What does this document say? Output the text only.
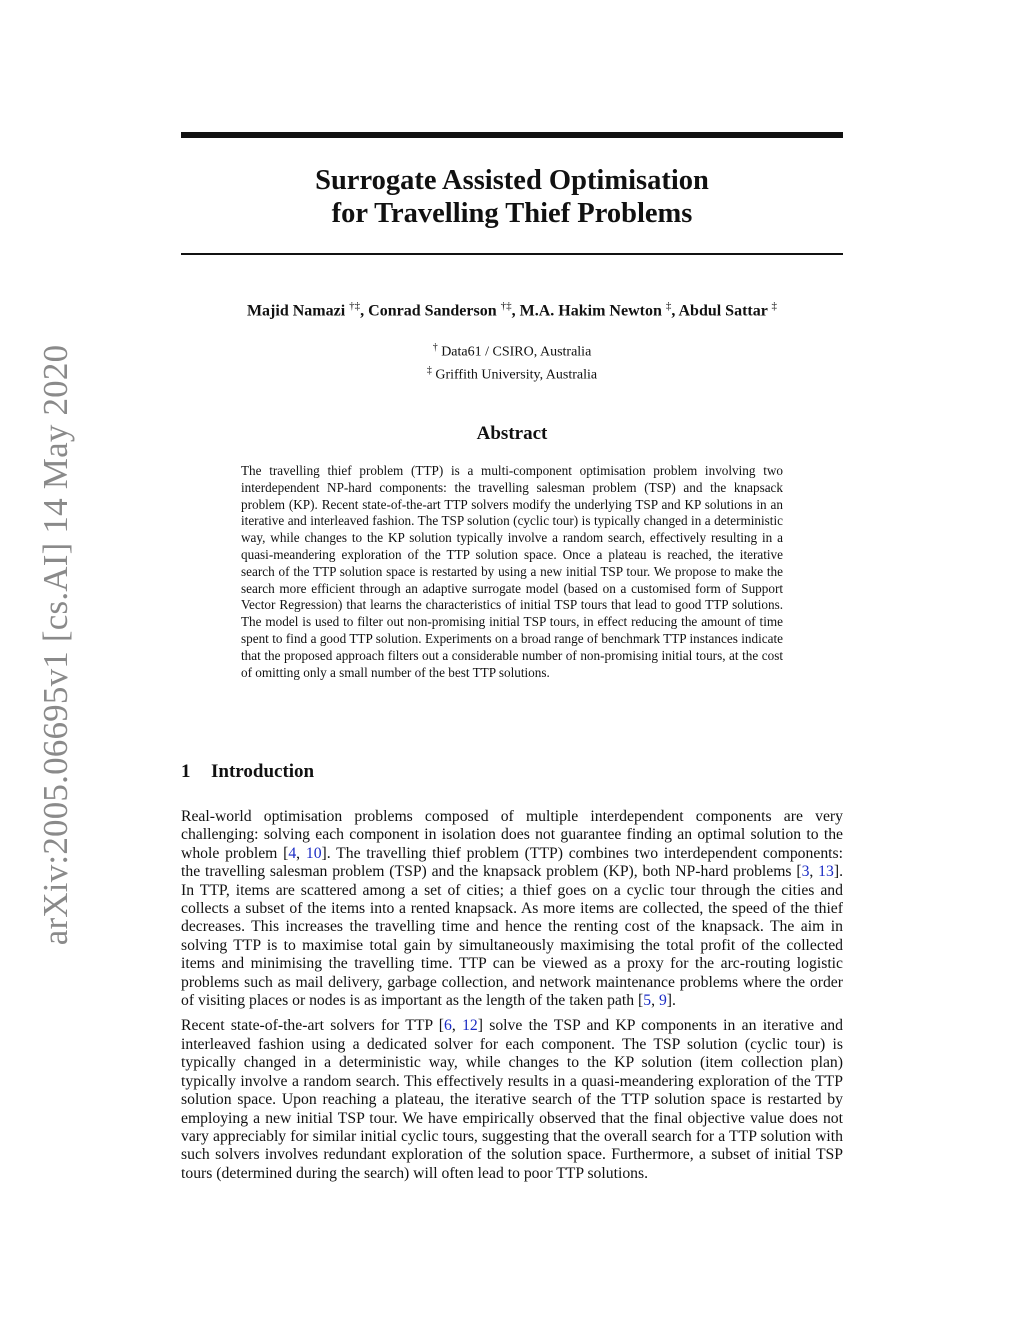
arXiv:2005.06695v1 [cs.AI] 14 May 2020
Surrogate Assisted Optimisation
for Travelling Thief Problems
Majid Namazi †‡, Conrad Sanderson †‡, M.A. Hakim Newton ‡, Abdul Sattar ‡
† Data61 / CSIRO, Australia
‡ Griffith University, Australia
Abstract

The travelling thief problem (TTP) is a multi-component optimisation problem involving two interdependent NP-hard components: the travelling salesman problem (TSP) and the knapsack problem (KP). Recent state-of-the-art TTP solvers modify the underlying TSP and KP solutions in an iterative and interleaved fashion. The TSP solution (cyclic tour) is typically changed in a deterministic way, while changes to the KP solution typically involve a random search, effectively resulting in a quasi-meandering exploration of the TTP solution space. Once a plateau is reached, the iterative search of the TTP solution space is restarted by using a new initial TSP tour. We propose to make the search more efficient through an adaptive surrogate model (based on a customised form of Support Vector Regression) that learns the characteristics of initial TSP tours that lead to good TTP solutions. The model is used to filter out non-promising initial TSP tours, in effect reducing the amount of time spent to find a good TTP solution. Experiments on a broad range of benchmark TTP instances indicate that the proposed approach filters out a considerable number of non-promising initial tours, at the cost of omitting only a small number of the best TTP solutions.

1 Introduction

Real-world optimisation problems composed of multiple interdependent components are very challenging: solving each component in isolation does not guarantee finding an optimal solution to the whole problem [4, 10]. The travelling thief problem (TTP) combines two interdependent components: the travelling salesman problem (TSP) and the knapsack problem (KP), both NP-hard problems [3, 13]. In TTP, items are scattered among a set of cities; a thief goes on a cyclic tour through the cities and collects a subset of the items into a rented knapsack. As more items are collected, the speed of the thief decreases. This increases the travelling time and hence the renting cost of the knapsack. The aim in solving TTP is to maximise total gain by simultaneously maximising the total profit of the collected items and minimising the travelling time. TTP can be viewed as a proxy for the arc-routing logistic problems such as mail delivery, garbage collection, and network maintenance problems where the order of visiting places or nodes is as important as the length of the taken path [5, 9].

Recent state-of-the-art solvers for TTP [6, 12] solve the TSP and KP components in an iterative and interleaved fashion using a dedicated solver for each component. The TSP solution (cyclic tour) is typically changed in a deterministic way, while changes to the KP solution (item collection plan) typically involve a random search. This effectively results in a quasi-meandering exploration of the TTP solution space. Upon reaching a plateau, the iterative search of the TTP solution space is restarted by employing a new initial TSP tour. We have empirically observed that the final objective value does not vary appreciably for similar initial cyclic tours, suggesting that the overall search for a TTP solution with such solvers involves redundant exploration of the solution space. Furthermore, a subset of initial TSP tours (determined during the search) will often lead to poor TTP solutions.
